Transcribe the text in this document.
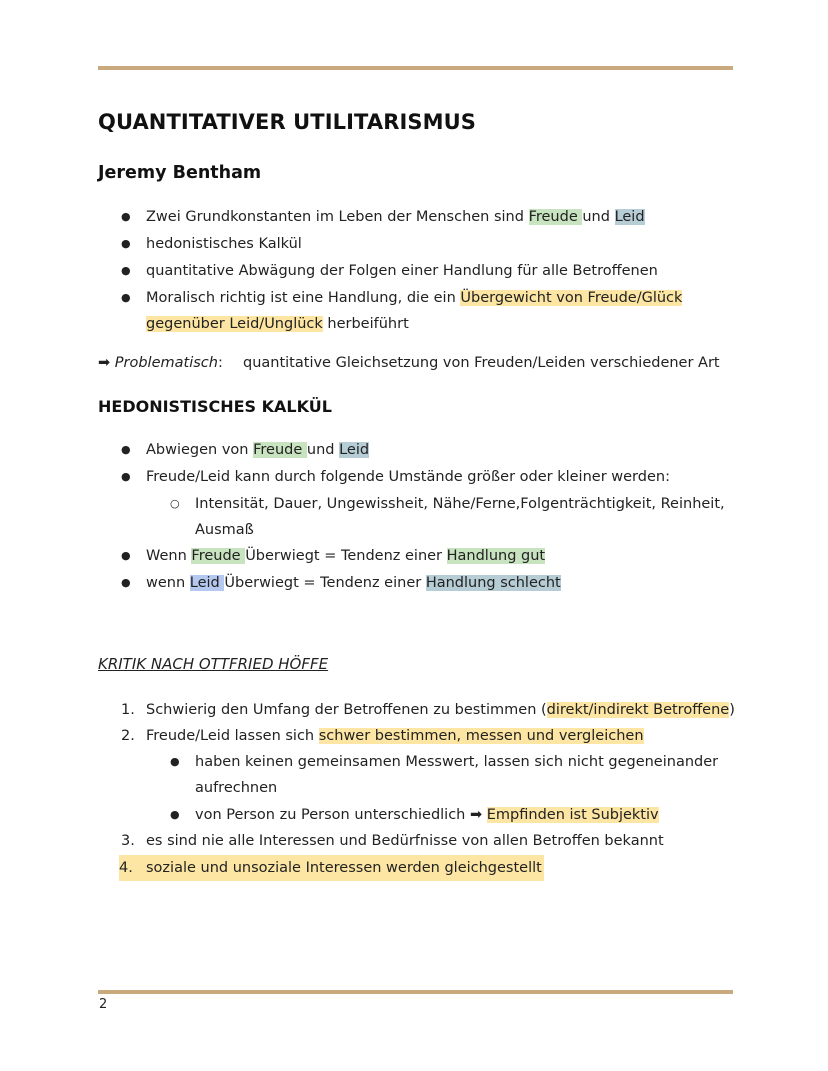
QUANTITATIVER UTILITARISMUS
Jeremy Bentham
● Zwei Grundkonstanten im Leben der Menschen sind Freude und Leid
● hedonistisches Kalkül
● quantitative Abwägung der Folgen einer Handlung für alle Betroffenen
● Moralisch richtig ist eine Handlung, die ein Übergewicht von Freude/Glück
gegenüber Leid/Unglück herbeiführt
➡ Problematisch: quantitative Gleichsetzung von Freuden/Leiden verschiedener Art
HEDONISTISCHES KALKÜL
● Abwiegen von Freude und Leid
● Freude/Leid kann durch folgende Umstände größer oder kleiner werden:
○ Intensität, Dauer, Ungewissheit, Nähe/Ferne,Folgenträchtigkeit, Reinheit,
Ausmaß
● Wenn Freude Überwiegt = Tendenz einer Handlung gut
● wenn Leid Überwiegt = Tendenz einer Handlung schlecht
KRITIK NACH OTTFRIED HÖFFE
1. Schwierig den Umfang der Betroffenen zu bestimmen (direkt/indirekt Betroffene)
2. Freude/Leid lassen sich schwer bestimmen, messen und vergleichen
● haben keinen gemeinsamen Messwert, lassen sich nicht gegeneinander
aufrechnen
● von Person zu Person unterschiedlich ➡ Empfinden ist Subjektiv
3. es sind nie alle Interessen und Bedürfnisse von allen Betroffen bekannt
4. soziale und unsoziale Interessen werden gleichgestellt
2
